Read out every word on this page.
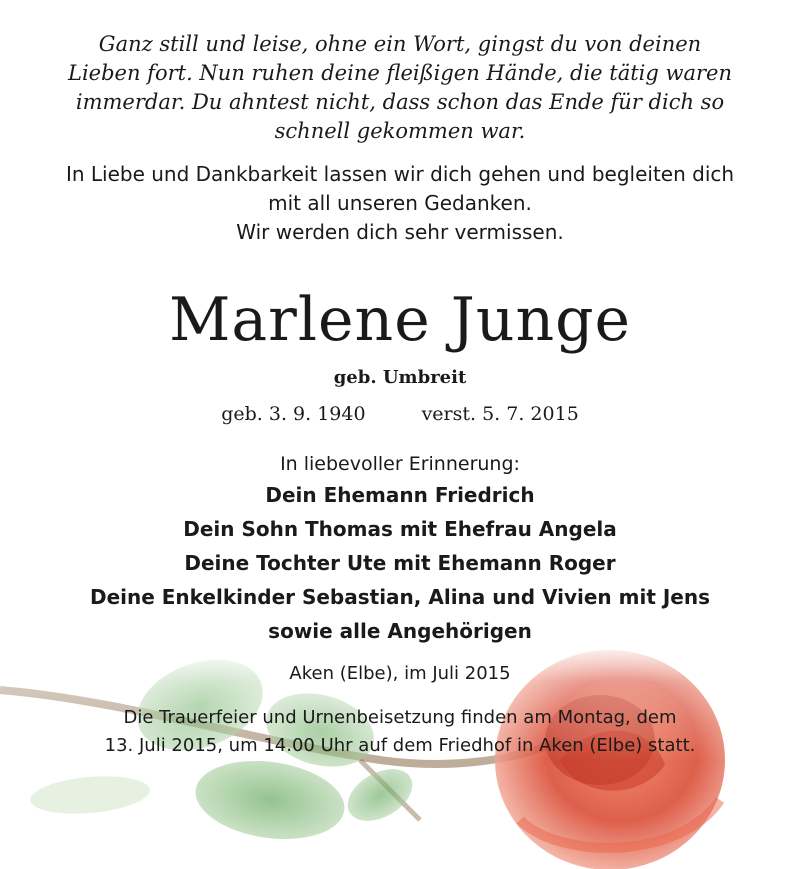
Ganz still und leise, ohne ein Wort, gingst du von deinen
Lieben fort. Nun ruhen deine fleißigen Hände, die tätig waren
immerdar. Du ahntest nicht, dass schon das Ende für dich so
schnell gekommen war.
In Liebe und Dankbarkeit lassen wir dich gehen und begleiten dich
mit all unseren Gedanken.
Wir werden dich sehr vermissen.
Marlene Junge
geb. Umbreit
geb. 3. 9. 1940	verst. 5. 7. 2015
In liebevoller Erinnerung:
Dein Ehemann Friedrich
Dein Sohn Thomas mit Ehefrau Angela
Deine Tochter Ute mit Ehemann Roger
Deine Enkelkinder Sebastian, Alina und Vivien mit Jens
sowie alle Angehörigen
Aken (Elbe), im Juli 2015
Die Trauerfeier und Urnenbeisetzung finden am Montag, dem
13. Juli 2015, um 14.00 Uhr auf dem Friedhof in Aken (Elbe) statt.
